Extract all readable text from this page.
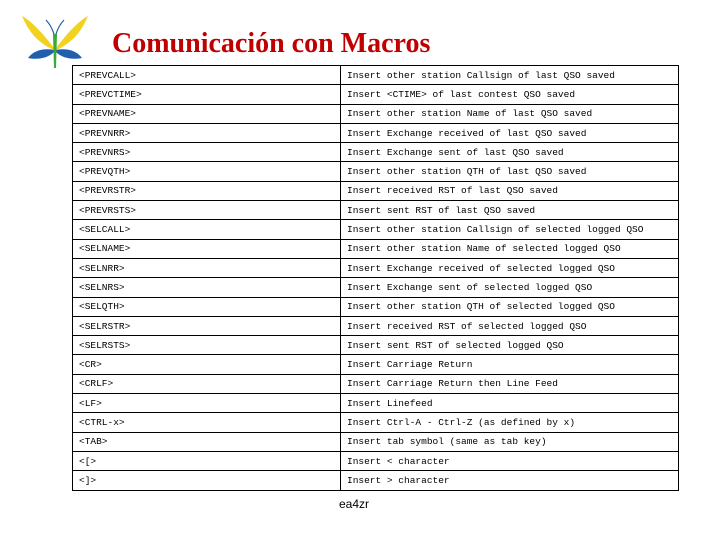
Comunicación con Macros
<PREVCALL>	Insert other station Callsign of last QSO saved
<PREVCTIME>	Insert <CTIME> of last contest QSO saved
<PREVNAME>	Insert other station Name of last QSO saved
<PREVNRR>	Insert Exchange received of last QSO saved
<PREVNRS>	Insert Exchange sent of last QSO saved
<PREVQTH>	Insert other station QTH of last QSO saved
<PREVRSTR>	Insert received RST of last QSO saved
<PREVRSTS>	Insert sent RST of last QSO saved
<SELCALL>	Insert other station Callsign of selected logged QSO
<SELNAME>	Insert other station Name of selected logged QSO
<SELNRR>	Insert Exchange received of selected logged QSO
<SELNRS>	Insert Exchange sent of selected logged QSO
<SELQTH>	Insert other station QTH of selected logged QSO
<SELRSTR>	Insert received RST of selected logged QSO
<SELRSTS>	Insert sent RST of selected logged QSO
<CR>	Insert Carriage Return
<CRLF>	Insert Carriage Return then Line Feed
<LF>	Insert Linefeed
<CTRL-x>	Insert Ctrl-A - Ctrl-Z (as defined by x)
<TAB>	Insert tab symbol (same as tab key)
<[>	Insert < character
<]>	Insert > character
ea4zr
